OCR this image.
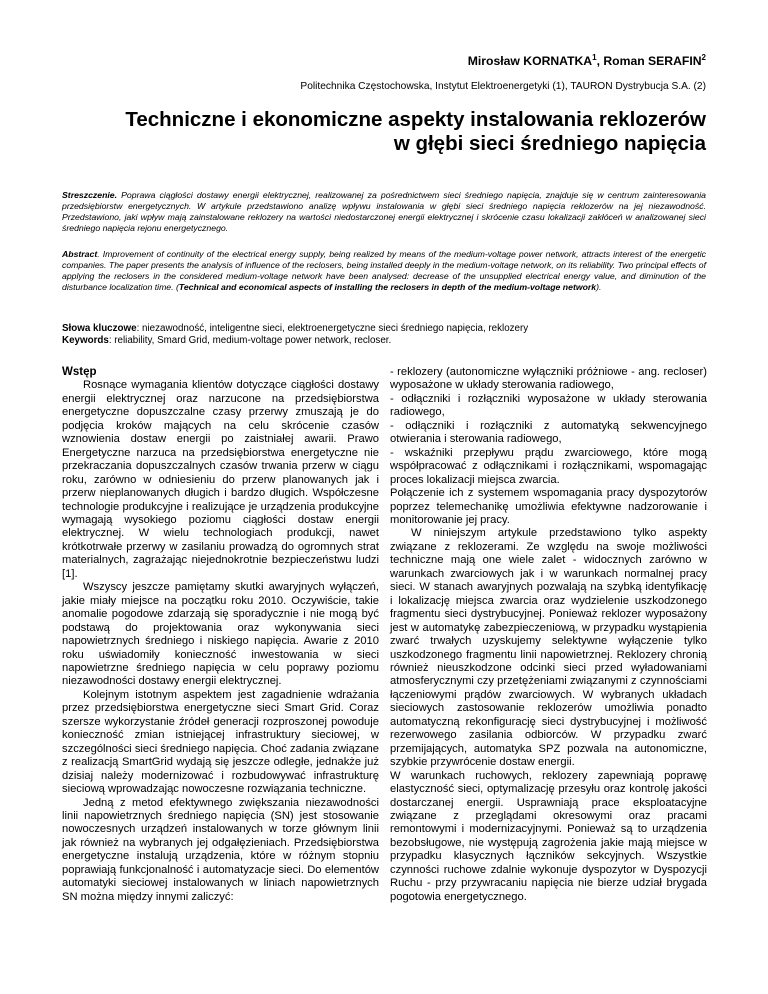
Mirosław KORNATKA$^1$, Roman SERAFIN$^2$
Politechnika Częstochowska, Instytut Elektroenergetyki (1), TAURON Dystrybucja S.A. (2)
Techniczne i ekonomiczne aspekty instalowania reklozerów
w głębi sieci średniego napięcia
Streszczenie. Poprawa ciągłości dostawy energii elektrycznej, realizowanej za pośrednictwem sieci średniego napięcia, znajduje się w centrum zainteresowania przedsiębiorstw energetycznych. W artykule przedstawiono analizę wpływu instalowania w głębi sieci średniego napięcia reklozerów na jej niezawodność. Przedstawiono, jaki wpływ mają zainstalowane reklozery na wartości niedostarczonej energii elektrycznej i skrócenie czasu lokalizacji zakłóceń w analizowanej sieci średniego napięcia rejonu energetycznego.
Abstract. Improvement of continuity of the electrical energy supply, being realized by means of the medium-voltage power network, attracts interest of the energetic companies. The paper presents the analysis of influence of the reclosers, being installed deeply in the medium-voltage network, on its reliability. Two principal effects of applying the reclosers in the considered medium-voltage network have been analysed: decrease of the unsupplied electrical energy value, and diminution of the disturbance localization time. (Technical and economical aspects of installing the reclosers in depth of the medium-voltage network).
Słowa kluczowe: niezawodność, inteligentne sieci, elektroenergetyczne sieci średniego napięcia, reklozery
Keywords: reliability, Smard Grid, medium-voltage power network, recloser.

Wstęp

Rosnące wymagania klientów dotyczące ciągłości dostawy energii elektrycznej oraz narzucone na przedsiębiorstwa energetyczne dopuszczalne czasy przerwy zmuszają je do podjęcia kroków mających na celu skrócenie czasów wznowienia dostaw energii po zaistniałej awarii. Prawo Energetyczne narzuca na przedsiębiorstwa energetyczne nie przekraczania dopuszczalnych czasów trwania przerw w ciągu roku, zarówno w odniesieniu do przerw planowanych jak i przerw nieplanowanych długich i bardzo długich. Współczesne technologie produkcyjne i realizujące je urządzenia produkcyjne wymagają wysokiego poziomu ciągłości dostaw energii elektrycznej. W wielu technologiach produkcji, nawet krótkotrwałe przerwy w zasilaniu prowadzą do ogromnych strat materialnych, zagrażając niejednokrotnie bezpieczeństwu ludzi [1].

Wszyscy jeszcze pamiętamy skutki awaryjnych wyłączeń, jakie miały miejsce na początku roku 2010. Oczywiście, takie anomalie pogodowe zdarzają się sporadycznie i nie mogą być podstawą do projektowania oraz wykonywania sieci napowietrznych średniego i niskiego napięcia. Awarie z 2010 roku uświadomiły konieczność inwestowania w sieci napowietrzne średniego napięcia w celu poprawy poziomu niezawodności dostawy energii elektrycznej.

Kolejnym istotnym aspektem jest zagadnienie wdrażania przez przedsiębiorstwa energetyczne sieci Smart Grid. Coraz szersze wykorzystanie źródeł generacji rozproszonej powoduje konieczność zmian istniejącej infrastruktury sieciowej, w szczególności sieci średniego napięcia. Choć zadania związane z realizacją SmartGrid wydają się jeszcze odległe, jednakże już dzisiaj należy modernizować i rozbudowywać infrastrukturę sieciową wprowadzając nowoczesne rozwiązania techniczne.

Jedną z metod efektywnego zwiększania niezawodności linii napowietrznych średniego napięcia (SN) jest stosowanie nowoczesnych urządzeń instalowanych w torze głównym linii jak również na wybranych jej odgałęzieniach. Przedsiębiorstwa energetyczne instalują urządzenia, które w różnym stopniu poprawiają funkcjonalność i automatyzacje sieci. Do elementów automatyki sieciowej instalowanych w liniach napowietrznych SN można między innymi zaliczyć:

- reklozery (autonomiczne wyłączniki próżniowe - ang. recloser) wyposażone w układy sterowania radiowego,

- odłączniki i rozłączniki wyposażone w układy sterowania radiowego,

- odłączniki i rozłączniki z automatyką sekwencyjnego otwierania i sterowania radiowego,

- wskaźniki przepływu prądu zwarciowego, które mogą współpracować z odłącznikami i rozłącznikami, wspomagając proces lokalizacji miejsca zwarcia.

Połączenie ich z systemem wspomagania pracy dyspozytorów poprzez telemechanikę umożliwia efektywne nadzorowanie i monitorowanie jej pracy.

W niniejszym artykule przedstawiono tylko aspekty związane z reklozerami. Ze względu na swoje możliwości techniczne mają one wiele zalet - widocznych zarówno w warunkach zwarciowych jak i w warunkach normalnej pracy sieci. W stanach awaryjnych pozwalają na szybką identyfikację i lokalizację miejsca zwarcia oraz wydzielenie uszkodzonego fragmentu sieci dystrybucyjnej. Ponieważ reklozer wyposażony jest w automatykę zabezpieczeniową, w przypadku wystąpienia zwarć trwałych uzyskujemy selektywne wyłączenie tylko uszkodzonego fragmentu linii napowietrznej. Reklozery chronią również nieuszkodzone odcinki sieci przed wyładowaniami atmosferycznymi czy przetężeniami związanymi z czynnościami łączeniowymi prądów zwarciowych. W wybranych układach sieciowych zastosowanie reklozerów umożliwia ponadto automatyczną rekonfigurację sieci dystrybucyjnej i możliwość rezerwowego zasilania odbiorców. W przypadku zwarć przemijających, automatyka SPZ pozwala na autonomiczne, szybkie przywrócenie dostaw energii.

W warunkach ruchowych, reklozery zapewniają poprawę elastyczność sieci, optymalizację przesyłu oraz kontrolę jakości dostarczanej energii. Usprawniają prace eksploatacyjne związane z przeglądami okresowymi oraz pracami remontowymi i modernizacyjnymi. Ponieważ są to urządzenia bezobsługowe, nie występują zagrożenia jakie mają miejsce w przypadku klasycznych łączników sekcyjnych. Wszystkie czynności ruchowe zdalnie wykonuje dyspozytor w Dyspozycji Ruchu - przy przywracaniu napięcia nie bierze udział brygada pogotowia energetycznego.
